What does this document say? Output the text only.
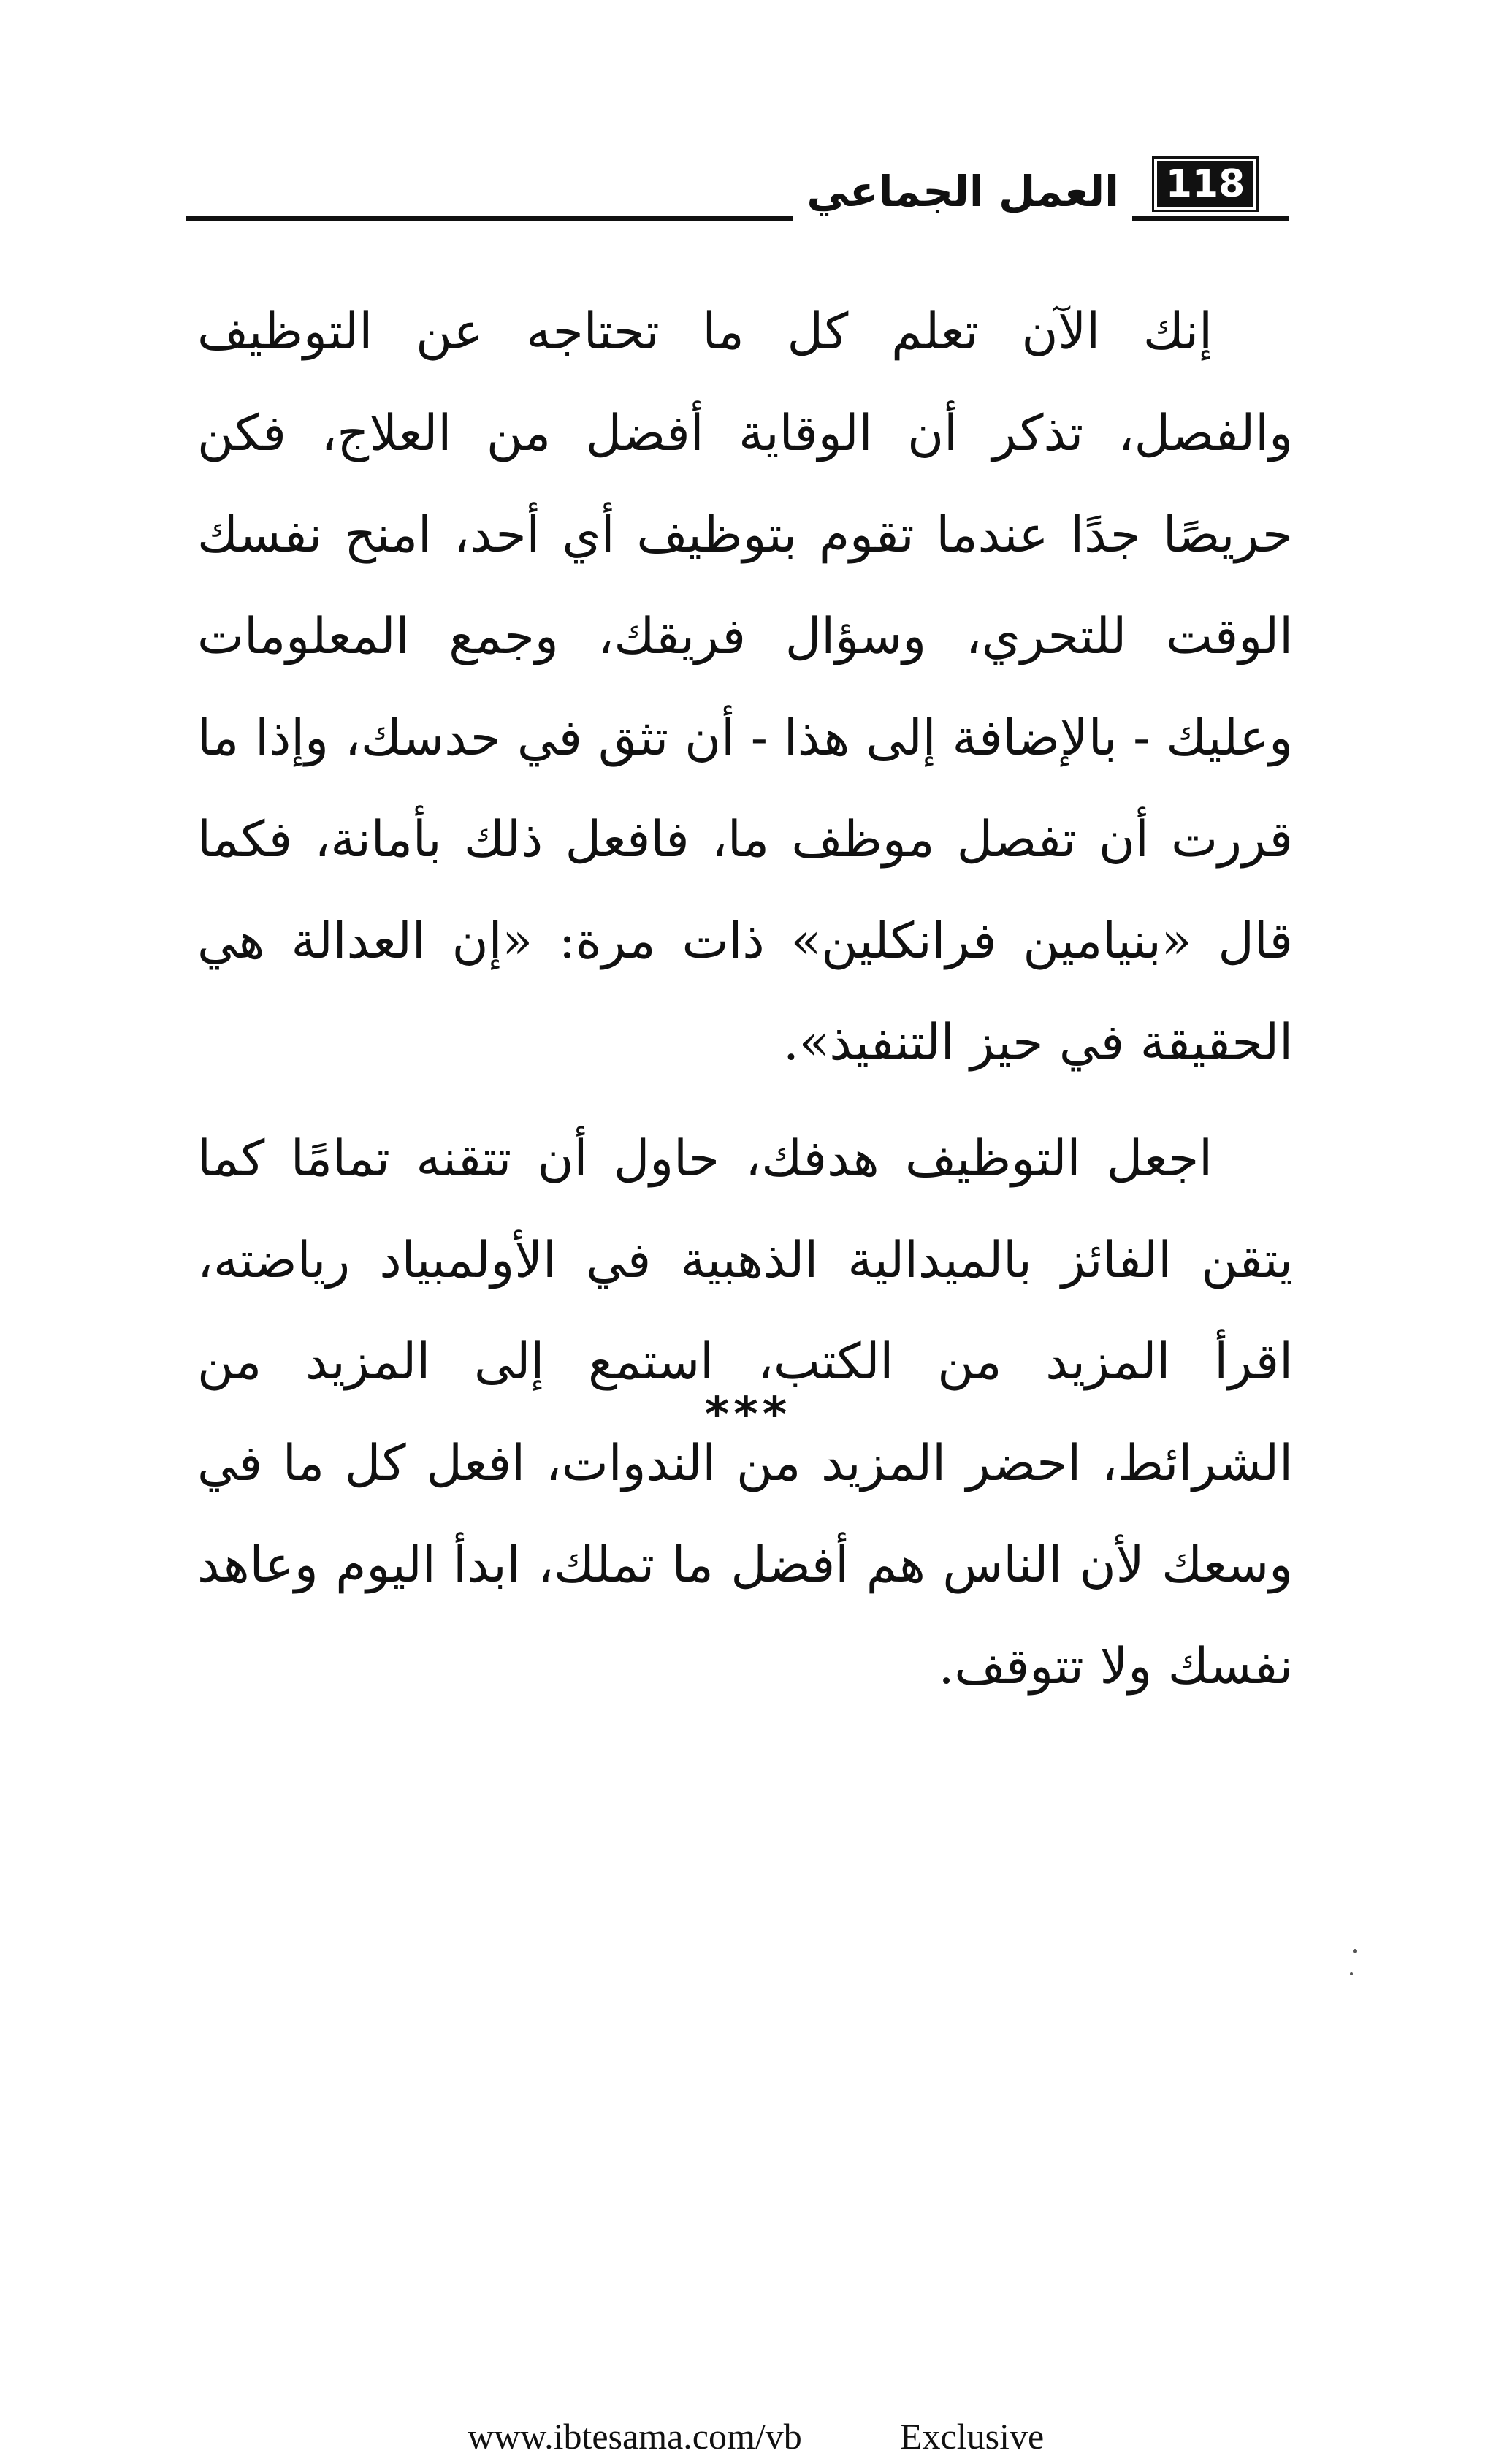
العمل الجماعي	118

إنك الآن تعلم كل ما تحتاجه عن التوظيف والفصل، تذكر أن الوقاية أفضل من العلاج، فكن حريصًا جدًا عندما تقوم بتوظيف أي أحد، امنح نفسك الوقت للتحري، وسؤال فريقك، وجمع المعلومات وعليك - بالإضافة إلى هذا - أن تثق في حدسك، وإذا ما قررت أن تفصل موظف ما، فافعل ذلك بأمانة، فكما قال «بنيامين فرانكلين» ذات مرة: «إن العدالة هي الحقيقة في حيز التنفيذ».

اجعل التوظيف هدفك، حاول أن تتقنه تمامًا كما يتقن الفائز بالميدالية الذهبية في الأولمبياد رياضته، اقرأ المزيد من الكتب، استمع إلى المزيد من الشرائط، احضر المزيد من الندوات، افعل كل ما في وسعك لأن الناس هم أفضل ما تملك، ابدأ اليوم وعاهد نفسك ولا تتوقف.

***
www.ibtesama.com/vb	Exclusive
